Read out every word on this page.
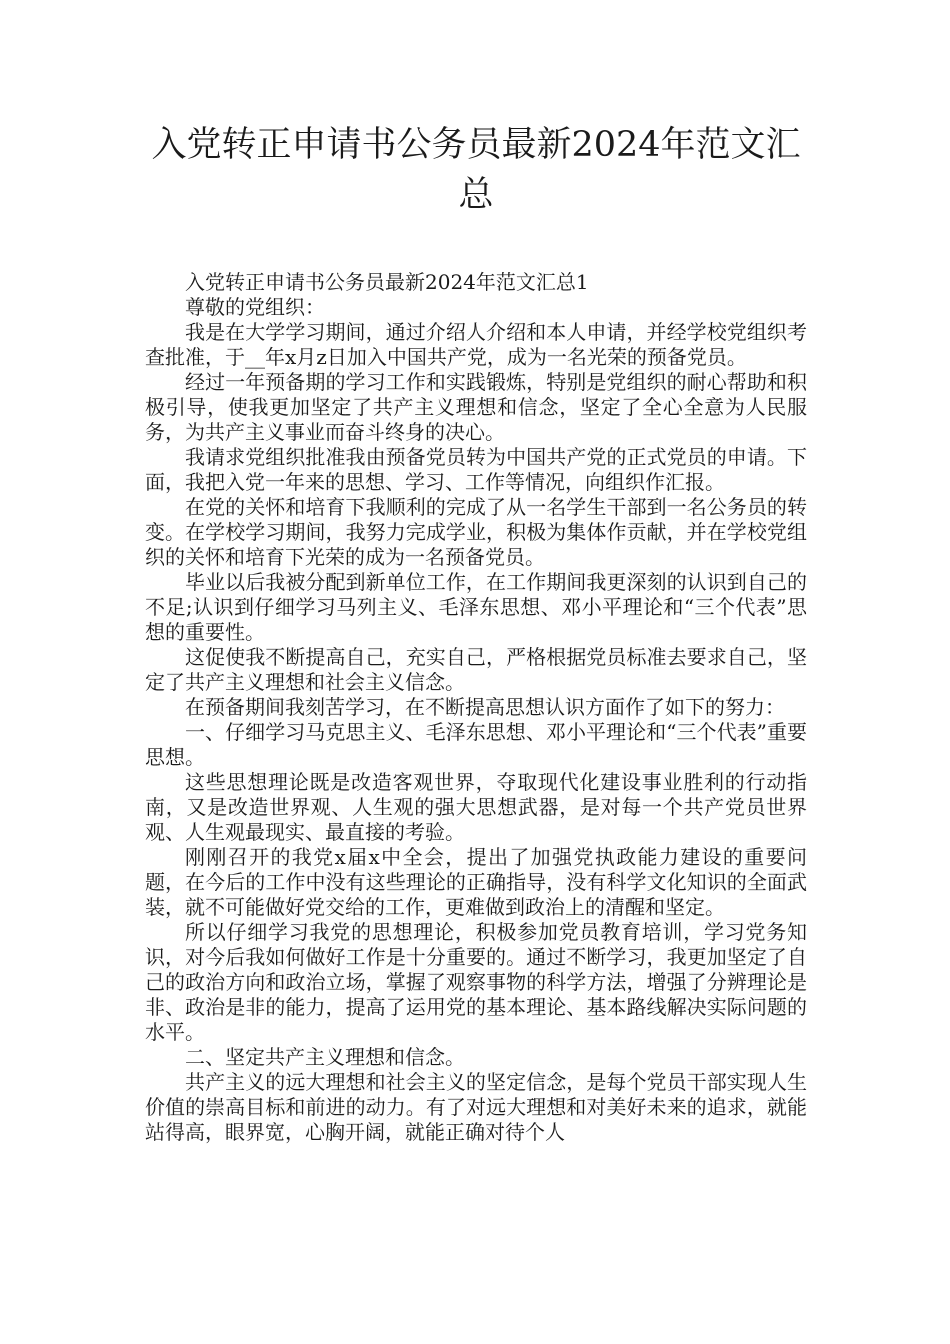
入党转正申请书公务员最新2024年范文汇总

入党转正申请书公务员最新2024年范文汇总1

尊敬的党组织：

我是在大学学习期间，通过介绍人介绍和本人申请，并经学校党组织考查批准，于__年x月z日加入中国共产党，成为一名光荣的预备党员。

经过一年预备期的学习工作和实践锻炼，特别是党组织的耐心帮助和积极引导，使我更加坚定了共产主义理想和信念，坚定了全心全意为人民服务，为共产主义事业而奋斗终身的决心。

我请求党组织批准我由预备党员转为中国共产党的正式党员的申请。下面，我把入党一年来的思想、学习、工作等情况，向组织作汇报。

在党的关怀和培育下我顺利的完成了从一名学生干部到一名公务员的转变。在学校学习期间，我努力完成学业，积极为集体作贡献，并在学校党组织的关怀和培育下光荣的成为一名预备党员。

毕业以后我被分配到新单位工作，在工作期间我更深刻的认识到自己的不足;认识到仔细学习马列主义、毛泽东思想、邓小平理论和“三个代表”思想的重要性。

这促使我不断提高自己，充实自己，严格根据党员标准去要求自己，坚定了共产主义理想和社会主义信念。

在预备期间我刻苦学习，在不断提高思想认识方面作了如下的努力：

一、仔细学习马克思主义、毛泽东思想、邓小平理论和“三个代表”重要思想。

这些思想理论既是改造客观世界，夺取现代化建设事业胜利的行动指南，又是改造世界观、人生观的强大思想武器，是对每一个共产党员世界观、人生观最现实、最直接的考验。

刚刚召开的我党x届x中全会，提出了加强党执政能力建设的重要问题，在今后的工作中没有这些理论的正确指导，没有科学文化知识的全面武装，就不可能做好党交给的工作，更难做到政治上的清醒和坚定。

所以仔细学习我党的思想理论，积极参加党员教育培训，学习党务知识，对今后我如何做好工作是十分重要的。通过不断学习，我更加坚定了自己的政治方向和政治立场，掌握了观察事物的科学方法，增强了分辨理论是非、政治是非的能力，提高了运用党的基本理论、基本路线解决实际问题的水平。

二、坚定共产主义理想和信念。

共产主义的远大理想和社会主义的坚定信念，是每个党员干部实现人生价值的崇高目标和前进的动力。有了对远大理想和对美好未来的追求，就能站得高，眼界宽，心胸开阔，就能正确对待个人
